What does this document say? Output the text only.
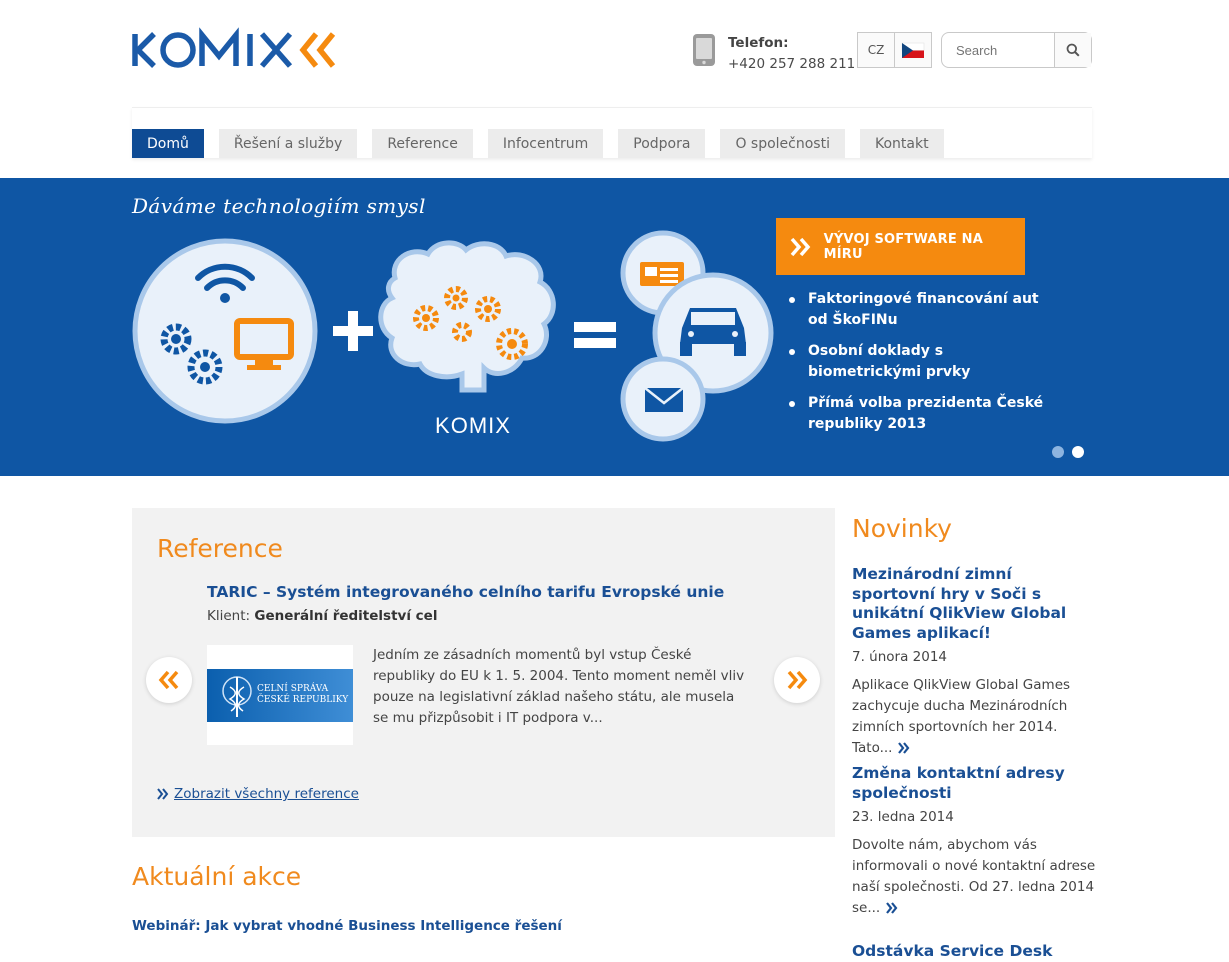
Telefon:
+420 257 288 211
CZ
Search
Domů	Řešení a služby	Reference	Infocentrum	Podpora	O společnosti	Kontakt
KOMIX
Dáváme technologiím smysl
VÝVOJ SOFTWARE NA MÍRU
Faktoringové financování aut od ŠkoFINu
Osobní doklady s biometrickými prvky
Přímá volba prezidenta České republiky 2013
Reference
TARIC – Systém integrovaného celního tarifu Evropské unie
Klient: Generální ředitelství cel
CELNÍ SPRÁVA
ČESKÉ REPUBLIKY
Jedním ze zásadních momentů byl vstup České republiky do EU k 1. 5. 2004. Tento moment neměl vliv pouze na legislativní základ našeho státu, ale musela se mu přizpůsobit i IT podpora v...
Zobrazit všechny reference
Aktuální akce
Webinář: Jak vybrat vhodné Business Intelligence řešení
Novinky
Mezinárodní zimní sportovní hry v Soči s unikátní QlikView Global Games aplikací!
7. února 2014
Aplikace QlikView Global Games zachycuje ducha Mezinárodních zimních sportovních her 2014. Tato...
Změna kontaktní adresy společnosti
23. ledna 2014
Dovolte nám, abychom vás informovali o nové kontaktní adrese naší společnosti. Od 27. ledna 2014 se...
Odstávka Service Desk
